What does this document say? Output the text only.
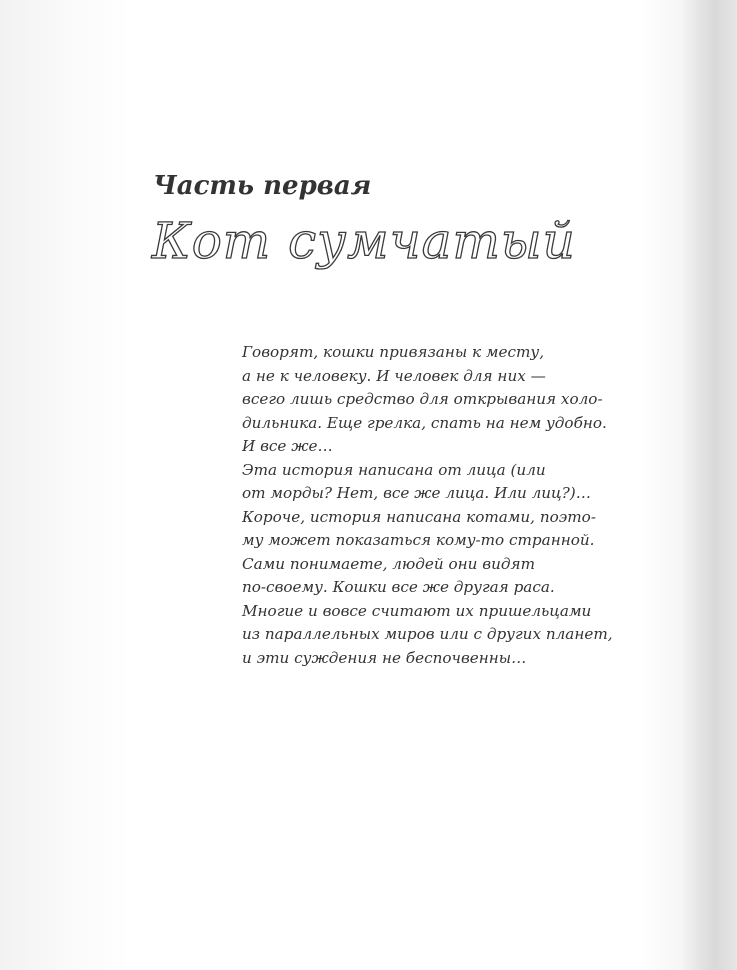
Часть первая
Кот сумчатый
Говорят, кошки привязаны к месту,
а не к человеку. И человек для них —
всего лишь средство для открывания холо-
дильника. Еще грелка, спать на нем удобно.
И все же…
Эта история написана от лица (или
от морды? Нет, все же лица. Или лиц?)…
Короче, история написана котами, поэто-
му может показаться кому-то странной.
Сами понимаете, людей они видят
по-своему. Кошки все же другая раса.
Многие и вовсе считают их пришельцами
из параллельных миров или с других планет,
и эти суждения не беспочвенны…
